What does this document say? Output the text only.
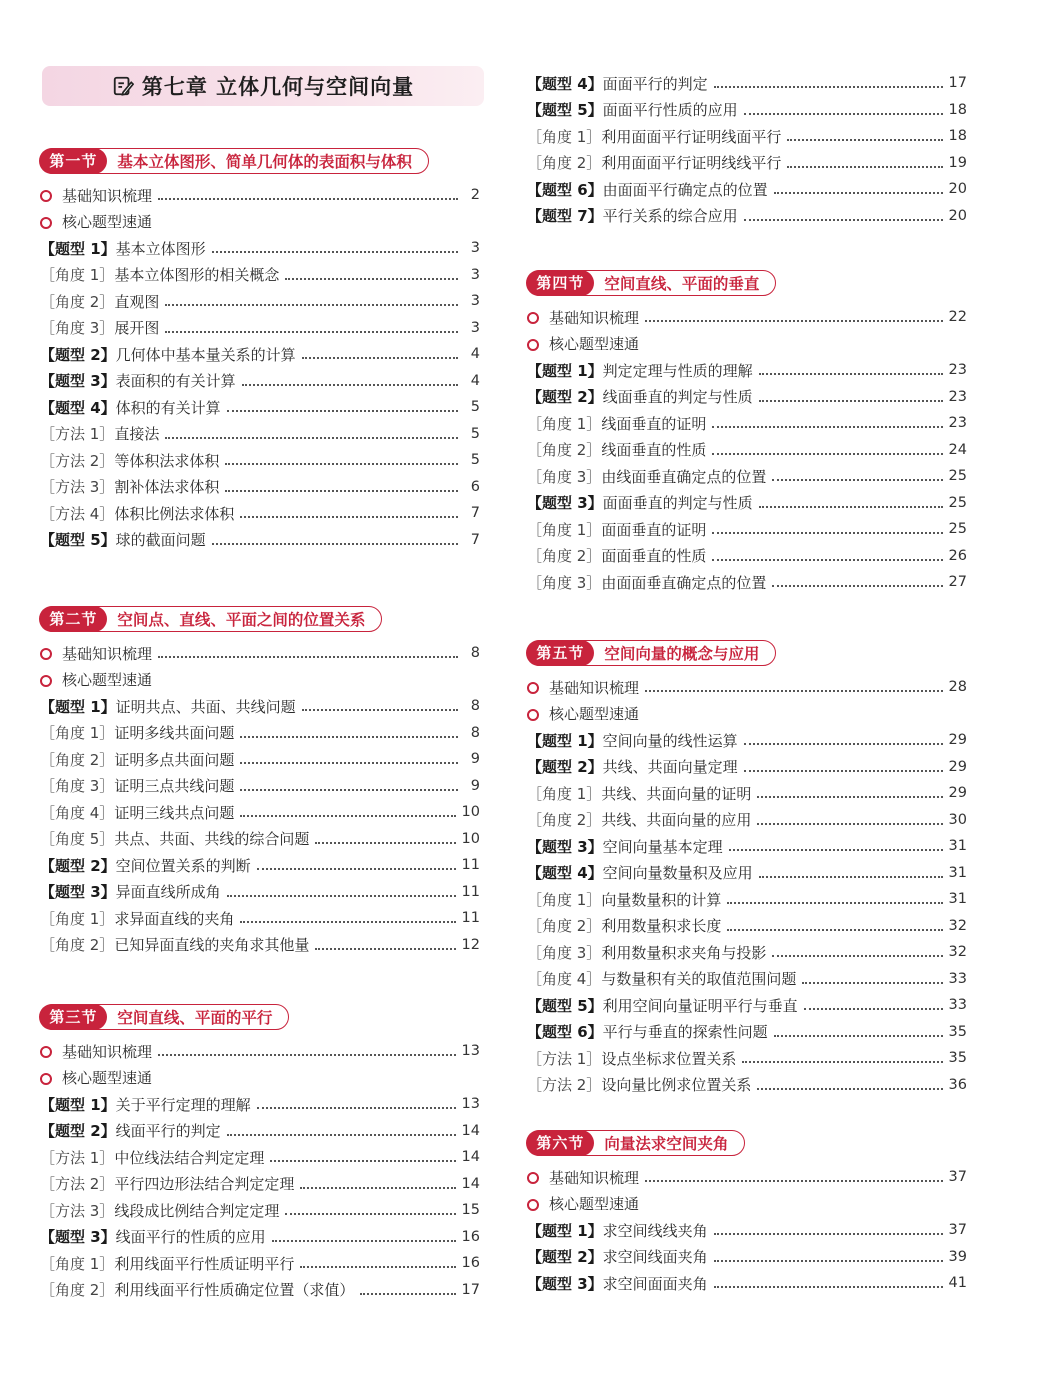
第七章 立体几何与空间向量
第一节	基本立体图形、简单几何体的表面积与体积
基础知识梳理	2
核心题型速通
【题型 1】基本立体图形	3
［角度 1］基本立体图形的相关概念	3
［角度 2］直观图	3
［角度 3］展开图	3
【题型 2】几何体中基本量关系的计算	4
【题型 3】表面积的有关计算	4
【题型 4】体积的有关计算	5
［方法 1］直接法	5
［方法 2］等体积法求体积	5
［方法 3］割补体法求体积	6
［方法 4］体积比例法求体积	7
【题型 5】球的截面问题	7
第二节	空间点、直线、平面之间的位置关系
基础知识梳理	8
核心题型速通
【题型 1】证明共点、共面、共线问题	8
［角度 1］证明多线共面问题	8
［角度 2］证明多点共面问题	9
［角度 3］证明三点共线问题	9
［角度 4］证明三线共点问题	10
［角度 5］共点、共面、共线的综合问题	10
【题型 2】空间位置关系的判断	11
【题型 3】异面直线所成角	11
［角度 1］求异面直线的夹角	11
［角度 2］已知异面直线的夹角求其他量	12
第三节	空间直线、平面的平行
基础知识梳理	13
核心题型速通
【题型 1】关于平行定理的理解	13
【题型 2】线面平行的判定	14
［方法 1］中位线法结合判定定理	14
［方法 2］平行四边形法结合判定定理	14
［方法 3］线段成比例结合判定定理	15
【题型 3】线面平行的性质的应用	16
［角度 1］利用线面平行性质证明平行	16
［角度 2］利用线面平行性质确定位置（求值）	17
【题型 4】面面平行的判定	17
【题型 5】面面平行性质的应用	18
［角度 1］利用面面平行证明线面平行	18
［角度 2］利用面面平行证明线线平行	19
【题型 6】由面面平行确定点的位置	20
【题型 7】平行关系的综合应用	20
第四节	空间直线、平面的垂直
基础知识梳理	22
核心题型速通
【题型 1】判定定理与性质的理解	23
【题型 2】线面垂直的判定与性质	23
［角度 1］线面垂直的证明	23
［角度 2］线面垂直的性质	24
［角度 3］由线面垂直确定点的位置	25
【题型 3】面面垂直的判定与性质	25
［角度 1］面面垂直的证明	25
［角度 2］面面垂直的性质	26
［角度 3］由面面垂直确定点的位置	27
第五节	空间向量的概念与应用
基础知识梳理	28
核心题型速通
【题型 1】空间向量的线性运算	29
【题型 2】共线、共面向量定理	29
［角度 1］共线、共面向量的证明	29
［角度 2］共线、共面向量的应用	30
【题型 3】空间向量基本定理	31
【题型 4】空间向量数量积及应用	31
［角度 1］向量数量积的计算	31
［角度 2］利用数量积求长度	32
［角度 3］利用数量积求夹角与投影	32
［角度 4］与数量积有关的取值范围问题	33
【题型 5】利用空间向量证明平行与垂直	33
【题型 6】平行与垂直的探索性问题	35
［方法 1］设点坐标求位置关系	35
［方法 2］设向量比例求位置关系	36
第六节	向量法求空间夹角
基础知识梳理	37
核心题型速通
【题型 1】求空间线线夹角	37
【题型 2】求空间线面夹角	39
【题型 3】求空间面面夹角	41
